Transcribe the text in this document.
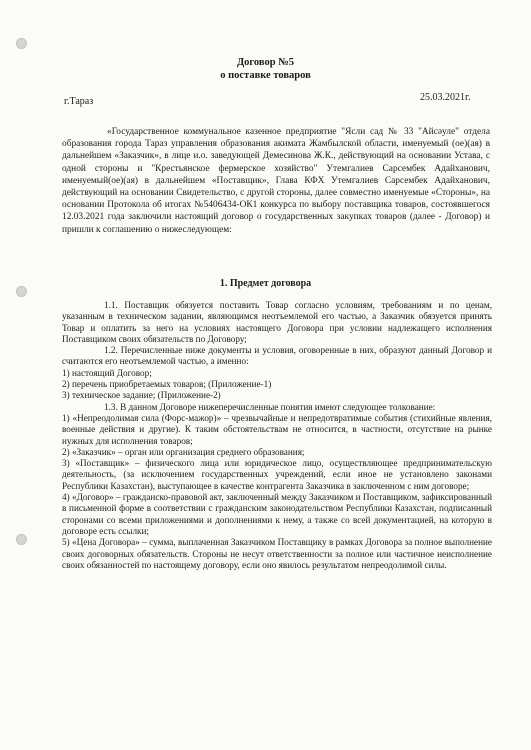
Договор №5
о поставке товаров
г.Тараз	25.03.2021г.
«Государственное коммунальное казенное предприятие "Ясли сад № 33 "Айсәуле" отдела образования города Тараз управления образования акимата Жамбылской области, именуемый (ое)(ая) в дальнейшем «Заказчик», в лице и.о. заведующей Демесинова Ж.К., действующий на основании Устава, с одной стороны и "Крестьянское фермерское хозяйство" Утемгалиев Сарсембек Адайханович, именуемый(ое)(ая) в дальнейшем «Поставщик», Глава КФХ Утемгалиев Сарсембек Адайханович, действующий на основании Свидетельство, с другой стороны, далее совместно именуемые «Стороны», на основании Протокола об итогах №5406434-ОК1 конкурса по выбору поставщика товаров, состоявшегося 12.03.2021 года заключили настоящий договор о государственных закупках товаров (далее - Договор) и пришли к соглашению о нижеследующем:
1. Предмет договора

1.1. Поставщик обязуется поставить Товар согласно условиям, требованиям и по ценам, указанным в техническом задании, являющимся неотъемлемой его частью, а Заказчик обязуется принять Товар и оплатить за него на условиях настоящего Договора при условии надлежащего исполнения Поставщиком своих обязательств по Договору;

1.2. Перечисленные ниже документы и условия, оговоренные в них, образуют данный Договор и считаются его неотъемлемой частью, а именно:

1) настоящий Договор;

2) перечень приобретаемых товаров; (Приложение-1)

3) техническое задание; (Приложение-2)

1.3. В данном Договоре нижеперечисленные понятия имеют следующее толкование:

1) «Непреодолимая сила (Форс-мажор)» – чрезвычайные и непредотвратимые события (стихийные явления, военные действия и другие). К таким обстоятельствам не относится, в частности, отсутствие на рынке нужных для исполнения товаров;

2) «Заказчик» – орган или организация среднего образования;

3) «Поставщик» – физического лица или юридическое лицо, осуществляющее предпринимательскую деятельность, (за исключением государственных учреждений, если иное не установлено законами Республики Казахстан), выступающее в качестве контрагента Заказчика в заключенном с ним договоре;

4) «Договор» – гражданско-правовой акт, заключенный между Заказчиком и Поставщиком, зафиксированный в письменной форме в соответствии с гражданским законодательством Республики Казахстан, подписанный сторонами со всеми приложениями и дополнениями к нему, а также со всей документацией, на которую в договоре есть ссылки;

5) «Цена Договора» – сумма, выплаченная Заказчиком Поставщику в рамках Договора за полное выполнение своих договорных обязательств. Стороны не несут ответственности за полное или частичное неисполнение своих обязанностей по настоящему договору, если оно явилось результатом непреодолимой силы.
